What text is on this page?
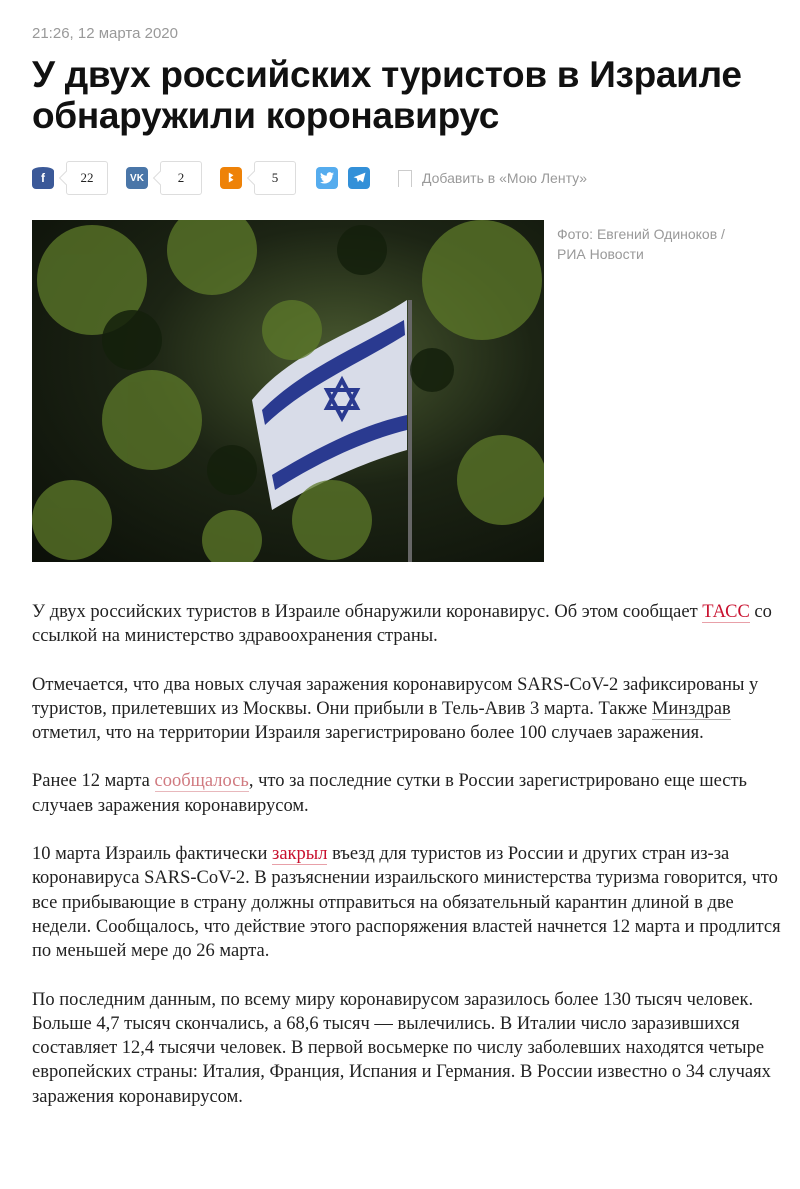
21:26, 12 марта 2020
У двух российских туристов в Израиле обнаружили коронавирус
f	22	VK	2	ꔪ	5	Добавить в «Мою Ленту»
Фото: Евгений Одиноков / РИА Новости

У двух российских туристов в Израиле обнаружили коронавирус. Об этом сообщает ТАСС со ссылкой на министерство здравоохранения страны.

Отмечается, что два новых случая заражения коронавирусом SARS-CoV-2 зафиксированы у туристов, прилетевших из Москвы. Они прибыли в Тель-Авив 3 марта. Также Минздрав отметил, что на территории Израиля зарегистрировано более 100 случаев заражения.

Ранее 12 марта сообщалось, что за последние сутки в России зарегистрировано еще шесть случаев заражения коронавирусом.

10 марта Израиль фактически закрыл въезд для туристов из России и других стран из-за коронавируса SARS-CoV-2. В разъяснении израильского министерства туризма говорится, что все прибывающие в страну должны отправиться на обязательный карантин длиной в две недели. Сообщалось, что действие этого распоряжения властей начнется 12 марта и продлится по меньшей мере до 26 марта.

По последним данным, по всему миру коронавирусом заразилось более 130 тысяч человек. Больше 4,7 тысяч скончались, а 68,6 тысяч — вылечились. В Италии число заразившихся составляет 12,4 тысячи человек. В первой восьмерке по числу заболевших находятся четыре европейских страны: Италия, Франция, Испания и Германия. В России известно о 34 случаях заражения коронавирусом.
